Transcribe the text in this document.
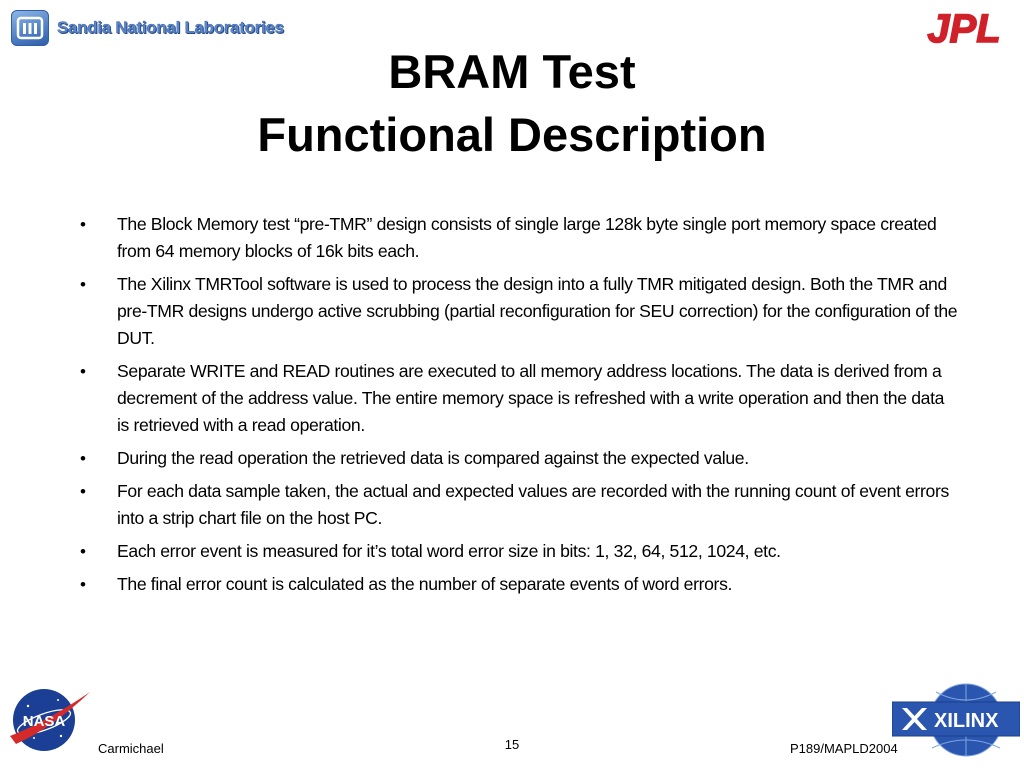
Sandia National Laboratories	JPL
BRAM Test
Functional Description
•	The Block Memory test “pre-TMR” design consists of single large 128k byte single port memory space created from 64 memory blocks of 16k bits each.
•	The Xilinx TMRTool software is used to process the design into a fully TMR mitigated design. Both the TMR and pre-TMR designs undergo active scrubbing (partial reconfiguration for SEU correction) for the configuration of the DUT.
•	Separate WRITE and READ routines are executed to all memory address locations. The data is derived from a decrement of the address value. The entire memory space is refreshed with a write operation and then the data is retrieved with a read operation.
•	During the read operation the retrieved data is compared against the expected value.
•	For each data sample taken, the actual and expected values are recorded with the running count of event errors into a strip chart file on the host PC.
•	Each error event is measured for it’s total word error size in bits: 1, 32, 64, 512, 1024, etc.
•	The final error count is calculated as the number of separate events of word errors.
NASA
Carmichael	15	P189/MAPLD2004
XILINX
